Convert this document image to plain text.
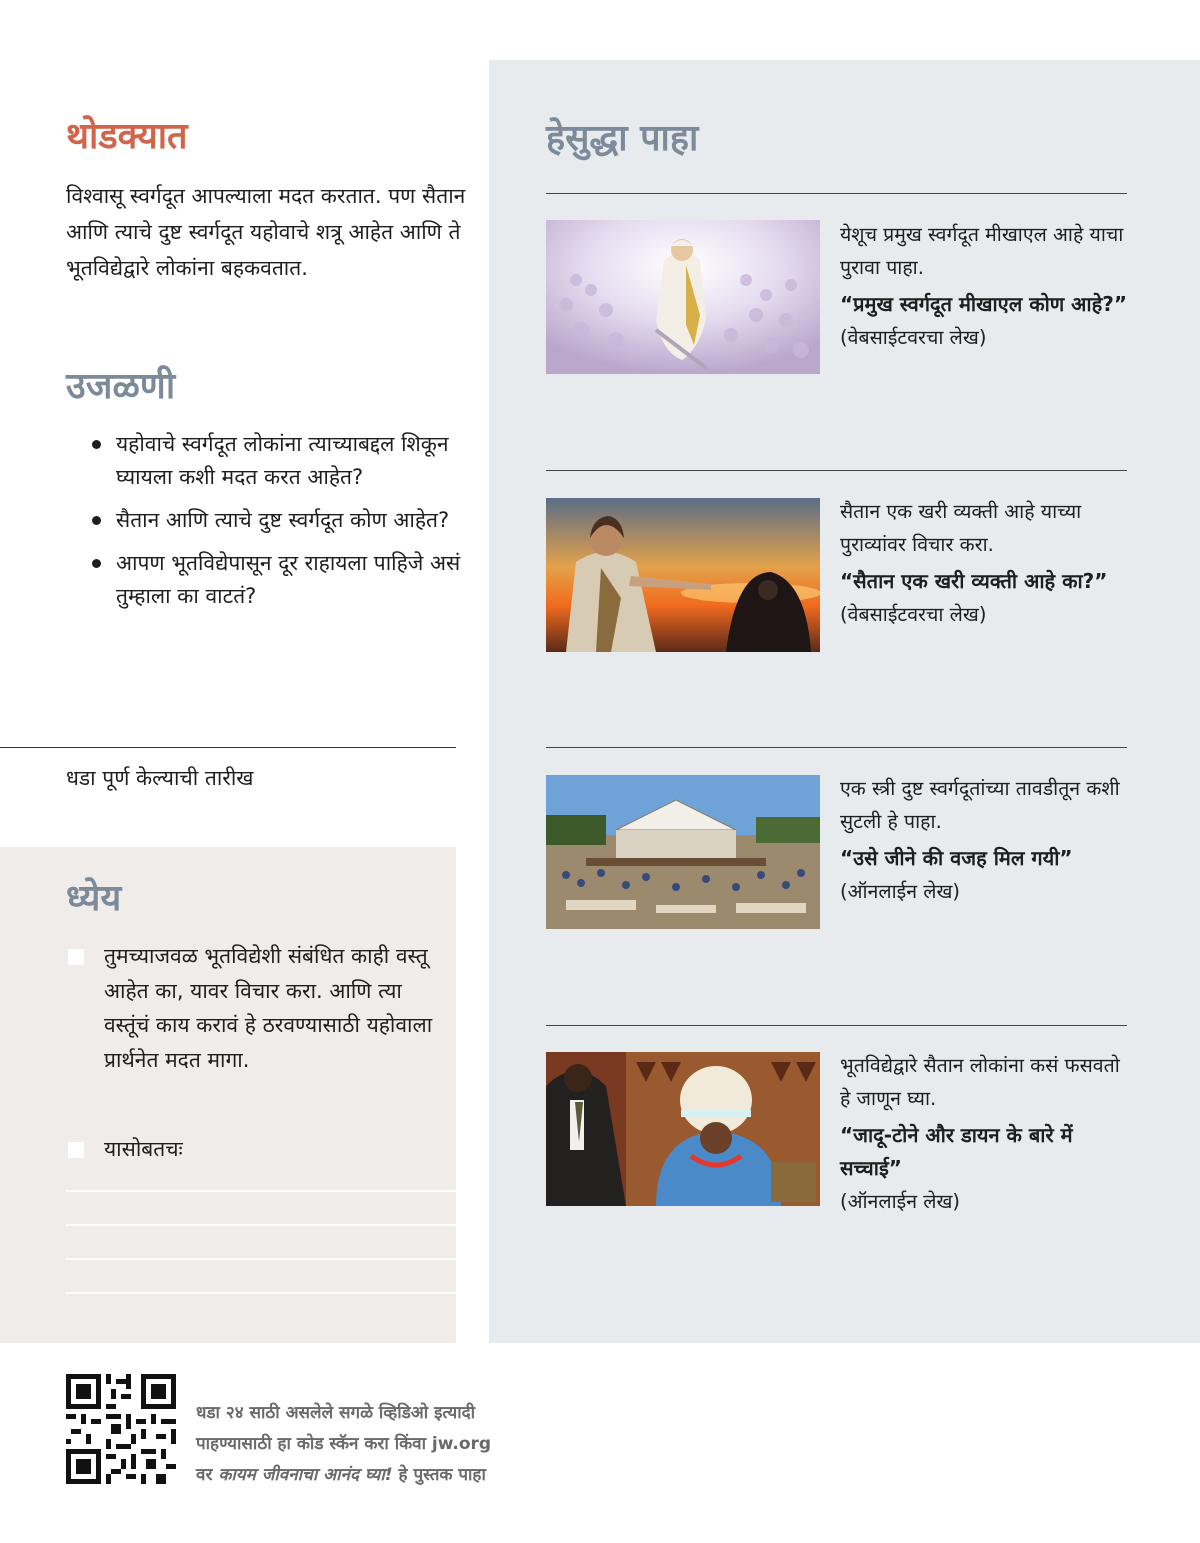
थोडक्यात

विश्वासू स्वर्गदूत आपल्याला मदत करतात. पण सैतान आणि त्याचे दुष्ट स्वर्गदूत यहोवाचे शत्रू आहेत आणि ते भूतविद्येद्वारे लोकांना बहकवतात.

उजळणी
यहोवाचे स्वर्गदूत लोकांना त्याच्याबद्दल शिकून घ्यायला कशी मदत करत आहेत?
सैतान आणि त्याचे दुष्ट स्वर्गदूत कोण आहेत?
आपण भूतविद्येपासून दूर राहायला पाहिजे असं तुम्हाला का वाटतं?
धडा पूर्ण केल्याची तारीख
ध्येय
तुमच्याजवळ भूतविद्येशी संबंधित काही वस्तू आहेत का, यावर विचार करा. आणि त्या वस्तूंचं काय करावं हे ठरवण्यासाठी यहोवाला प्रार्थनेत मदत मागा.
यासोबतचः
हेसुद्धा पाहा

येशूच प्रमुख स्वर्गदूत मीखाएल आहे याचा पुरावा पाहा.

“प्रमुख स्वर्गदूत मीखाएल कोण आहे?” (वेबसाईटवरचा लेख)

सैतान एक खरी व्यक्ती आहे याच्या पुराव्यांवर विचार करा.

“सैतान एक खरी व्यक्ती आहे का?”
(वेबसाईटवरचा लेख)

एक स्त्री दुष्ट स्वर्गदूतांच्या तावडीतून कशी सुटली हे पाहा.

“उसे जीने की वजह मिल गयी”
(ऑनलाईन लेख)

भूतविद्येद्वारे सैतान लोकांना कसं फसवतो हे जाणून घ्या.

“जादू-टोने और डायन के बारे में सच्चाई”
(ऑनलाईन लेख)

धडा २४ साठी असलेले सगळे व्हिडिओ इत्यादी
पाहण्यासाठी हा कोड स्कॅन करा किंवा jw.org
वर कायम जीवनाचा आनंद घ्या! हे पुस्तक पाहा
